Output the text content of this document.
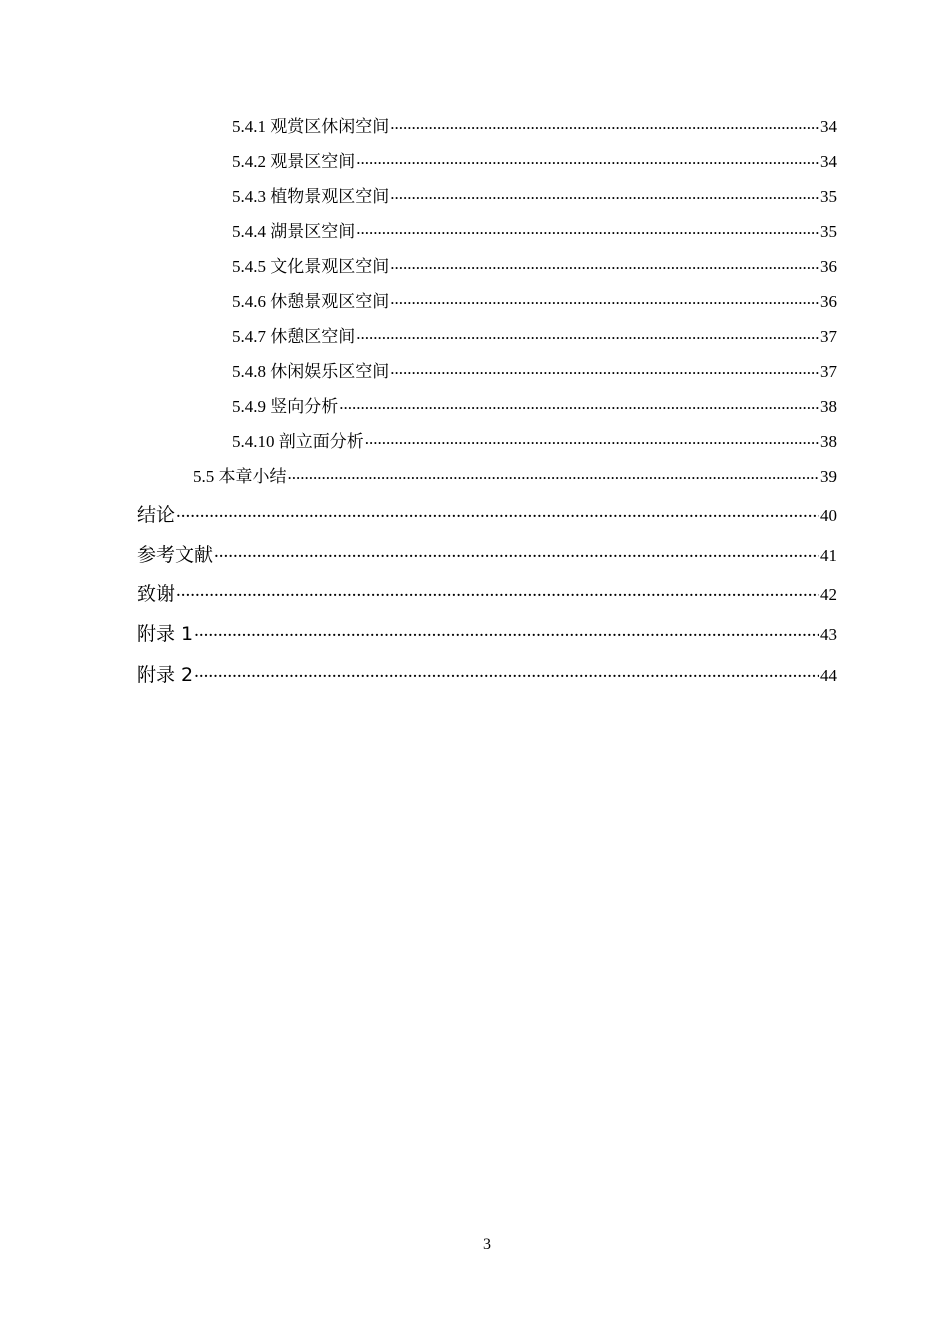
5.4.1 观赏区休闲空间 .....	34
5.4.2 观景区空间 .....	34
5.4.3 植物景观区空间 .....	35
5.4.4 湖景区空间 .....	35
5.4.5 文化景观区空间 .....	36
5.4.6 休憩景观区空间 .....	36
5.4.7 休憩区空间 .....	37
5.4.8 休闲娱乐区空间 .....	37
5.4.9 竖向分析 .....	38
5.4.10 剖立面分析 .....	38
5.5 本章小结 .....	39
结论 .....	40
参考文献 .....	41
致谢 .....	42
附录 1 .....	43
附录 2 .....	44
3
